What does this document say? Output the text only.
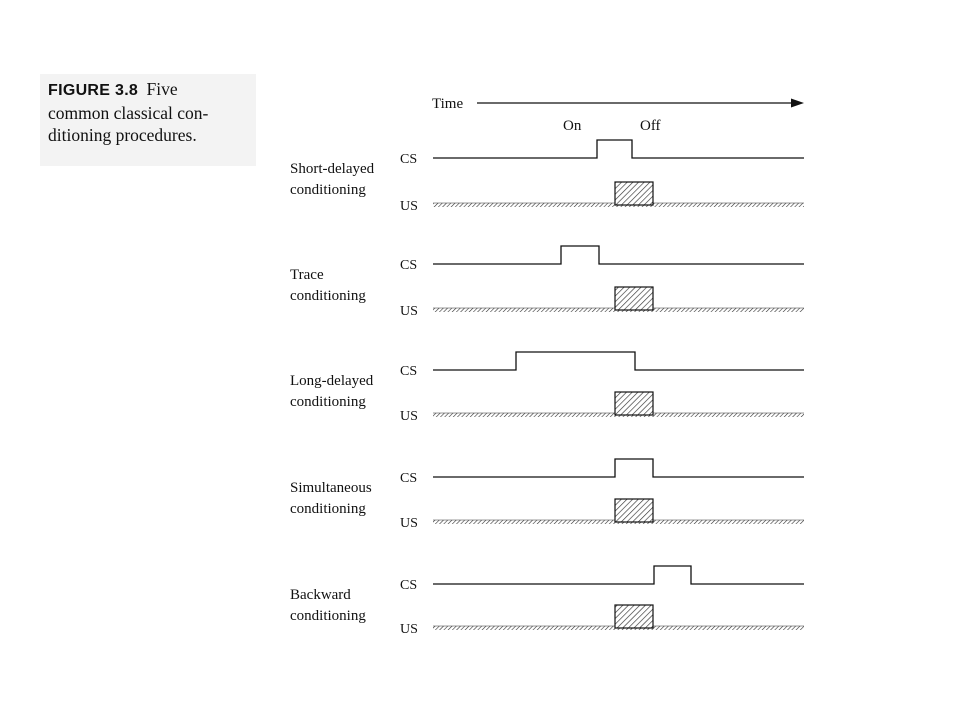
FIGURE 3.8 Five
common classical con-
ditioning procedures.
Time
On	Off
Short-delayed
conditioning
CS
US
Trace
conditioning
CS
US
Long-delayed
conditioning
CS
US
Simultaneous
conditioning
CS
US
Backward
conditioning
CS
US
